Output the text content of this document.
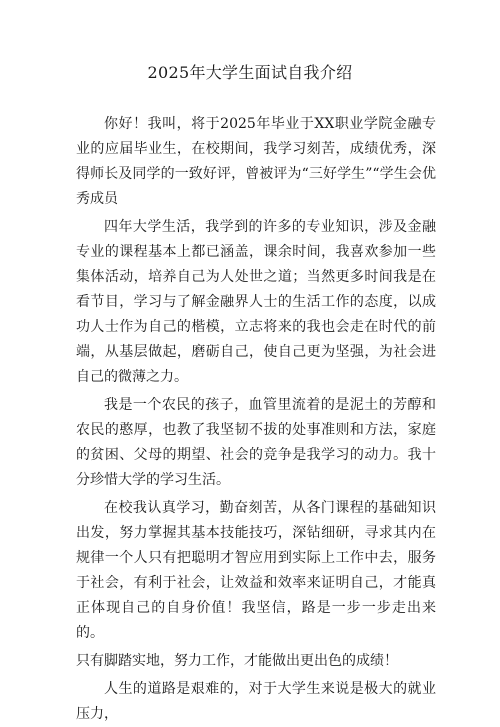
2025年大学生面试自我介绍

你好！我叫，将于2025年毕业于XX职业学院金融专业的应届毕业生，在校期间，我学习刻苦，成绩优秀，深得师长及同学的一致好评，曾被评为“三好学生”“学生会优秀成员

四年大学生活，我学到的许多的专业知识，涉及金融专业的课程基本上都已涵盖，课余时间，我喜欢参加一些集体活动，培养自己为人处世之道；当然更多时间我是在看节目，学习与了解金融界人士的生活工作的态度，以成功人士作为自己的楷模，立志将来的我也会走在时代的前端，从基层做起，磨砺自己，使自己更为坚强，为社会进自己的微薄之力。

我是一个农民的孩子，血管里流着的是泥土的芳醇和农民的憨厚，也教了我坚韧不拔的处事准则和方法，家庭的贫困、父母的期望、社会的竞争是我学习的动力。我十分珍惜大学的学习生活。

在校我认真学习，勤奋刻苦，从各门课程的基础知识出发，努力掌握其基本技能技巧，深钻细研，寻求其内在规律一个人只有把聪明才智应用到实际上工作中去，服务于社会，有利于社会，让效益和效率来证明自己，才能真正体现自己的自身价值！我坚信，路是一步一步走出来的。

只有脚踏实地，努力工作，才能做出更出色的成绩！

人生的道路是艰难的，对于大学生来说是极大的就业压力，
